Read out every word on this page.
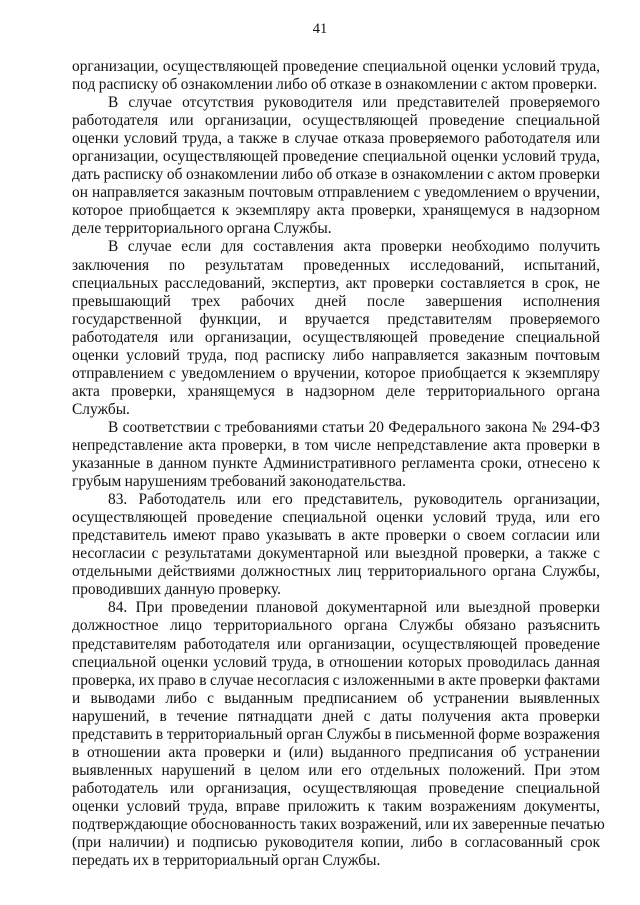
41
организации, осуществляющей проведение специальной оценки условий труда,
под расписку об ознакомлении либо об отказе в ознакомлении с актом проверки.
В случае отсутствия руководителя или представителей проверяемого
работодателя или организации, осуществляющей проведение специальной
оценки условий труда, а также в случае отказа проверяемого работодателя или
организации, осуществляющей проведение специальной оценки условий труда,
дать расписку об ознакомлении либо об отказе в ознакомлении с актом проверки
он направляется заказным почтовым отправлением с уведомлением о вручении,
которое приобщается к экземпляру акта проверки, хранящемуся в надзорном
деле территориального органа Службы.
В случае если для составления акта проверки необходимо получить
заключения по результатам проведенных исследований, испытаний,
специальных расследований, экспертиз, акт проверки составляется в срок, не
превышающий трех рабочих дней после завершения исполнения
государственной функции, и вручается представителям проверяемого
работодателя или организации, осуществляющей проведение специальной
оценки условий труда, под расписку либо направляется заказным почтовым
отправлением с уведомлением о вручении, которое приобщается к экземпляру
акта проверки, хранящемуся в надзорном деле территориального органа
Службы.
В соответствии с требованиями статьи 20 Федерального закона № 294-ФЗ
непредставление акта проверки, в том числе непредставление акта проверки в
указанные в данном пункте Административного регламента сроки, отнесено к
грубым нарушениям требований законодательства.
83. Работодатель или его представитель, руководитель организации,
осуществляющей проведение специальной оценки условий труда, или его
представитель имеют право указывать в акте проверки о своем согласии или
несогласии с результатами документарной или выездной проверки, а также с
отдельными действиями должностных лиц территориального органа Службы,
проводивших данную проверку.
84. При проведении плановой документарной или выездной проверки
должностное лицо территориального органа Службы обязано разъяснить
представителям работодателя или организации, осуществляющей проведение
специальной оценки условий труда, в отношении которых проводилась данная
проверка, их право в случае несогласия с изложенными в акте проверки фактами
и выводами либо с выданным предписанием об устранении выявленных
нарушений, в течение пятнадцати дней с даты получения акта проверки
представить в территориальный орган Службы в письменной форме возражения
в отношении акта проверки и (или) выданного предписания об устранении
выявленных нарушений в целом или его отдельных положений. При этом
работодатель или организация, осуществляющая проведение специальной
оценки условий труда, вправе приложить к таким возражениям документы,
подтверждающие обоснованность таких возражений, или их заверенные печатью
(при наличии) и подписью руководителя копии, либо в согласованный срок
передать их в территориальный орган Службы.
